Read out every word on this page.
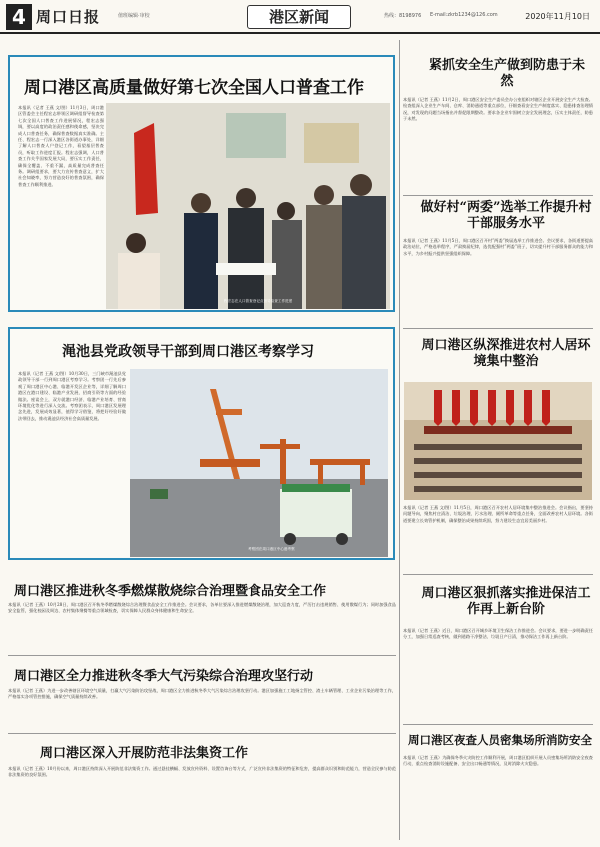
4 周口日报	值班编辑·审校	港区新闻	热线：8198976 E-mail:zkrb1234@126.com	2020年11月10日
周口港区高质量做好第七次全国人口普查工作
本报讯（记者 王燕 文/图）11月3日，周口港区管委会主任程宏志带领区调研组督导检查第七次全国人口普查工作进展情况，程宏志强调，要以高度的政治责任感和使命感，坚决完成人口普查任务，确保普查数据真实准确。主任、程宏志一行深入港区各街道办事处，详细了解人口普查人户登记工作，看望基层普查员，听取工作进度汇报。程宏志强调，人口普查工作关乎国家发展大局，要压实工作责任，确保全覆盖、不重不漏，高质量完成普查任务。调研组要求，要大力宣传普查意义，扩大社会知晓率，努力营造良好的普查氛围，确保普查工作顺利推进。
程宏志在人口普查登记点督导检查工作进度
渑池县党政领导干部到周口港区考察学习
本报讯（记者 王燕 文/图）10月30日，三门峡市渑池县党政领导干部一行到周口港区考察学习。考察团一行先后参观了周口港区中心港、临港开发区企业等，详细了解周口港区在港口建设、临港产业发展、招商引资等方面的经验做法。座谈会上，双方就港口经济、临港产业培育、营商环境优化等进行深入交流。考察团表示，周口港区发展理念先进，发展成效显著，值得学习借鉴，将把好经验好做法带回去，推动渑池县经济社会高质量发展。
考察团在周口港区中心港考察
紧抓安全生产做到防患于未然
本报讯（记者 王燕）11月2日，周口港区安全生产委员会办公室组织对辖区企业开展安全生产大检查。检查组深入企业生产车间、仓库、消防通道等重点部位，仔细查看安全生产制度落实、隐患排查治理情况，对发现的问题当场指出并督促限期整改。要求各企业牢固树立安全发展理念，压实主体责任，防患于未然。
做好村“两委”选举工作提升村干部服务水平
本报讯（记者 王燕）11月5日，周口港区召开村“两委”换届选举工作推进会。会议要求，各街道要提高政治站位，严格选举程序，严肃换届纪律，选优配强村“两委”班子，切实提升村干部服务群众的能力和水平，为乡村振兴提供坚强组织保障。
周口港区纵深推进农村人居环境集中整治
本报讯（记者 王燕 文/图）11月5日，周口港区召开农村人居环境集中整治推进会。会议指出，要坚持问题导向，聚焦村庄清洁、垃圾治理、污水治理、厕所革命等重点任务，全面改善农村人居环境。各街道要建立长效管护机制，确保整治成果持续巩固，努力建设生态宜居美丽乡村。
周口港区狠抓落实推进保洁工作再上新台阶
本报讯（记者 王燕）近日，周口港区召开城乡环境卫生保洁工作推进会。会议要求，要进一步明确责任分工，加强日常巡查考核，做到道路干净整洁、垃圾日产日清，推动保洁工作再上新台阶。
周口港区夜查人员密集场所消防安全
本报讯（记者 王燕）为确保冬季火灾防控工作顺利开展，周口港区组织开展人员密集场所消防安全夜查行动，重点检查消防设施配备、安全出口畅通等情况，及时消除火灾隐患。
周口港区推进秋冬季燃煤散烧综合治理暨食品安全工作
本报讯（记者 王燕）10月28日，周口港区召开秋冬季燃煤散烧综合治理暨食品安全工作推进会。会议要求，各单位要深入推进燃煤散烧治理，加大巡查力度，严厉打击违规销售、使用散煤行为；同时加强食品安全监管，强化校园及周边、农村集体聚餐等重点领域检查，切实保障人民群众身体健康和生命安全。
周口港区全力推进秋冬季大气污染综合治理攻坚行动
本报讯（记者 王燕）为进一步改善辖区环境空气质量，打赢大气污染防治攻坚战，周口港区全力推进秋冬季大气污染综合治理攻坚行动。港区加强施工工地扬尘管控、渣土车辆管理、工业企业污染治理等工作，严格落实各项管控措施，确保空气质量持续改善。
周口港区深入开展防范非法集资工作
本报讯（记者 王燕）10月份以来，周口港区持续深入开展防范非法集资工作。通过悬挂横幅、发放宣传资料、设置咨询台等方式，广泛宣传非法集资的特征和危害，提高群众识别和防范能力，营造全民参与防范非法集资的良好氛围。
